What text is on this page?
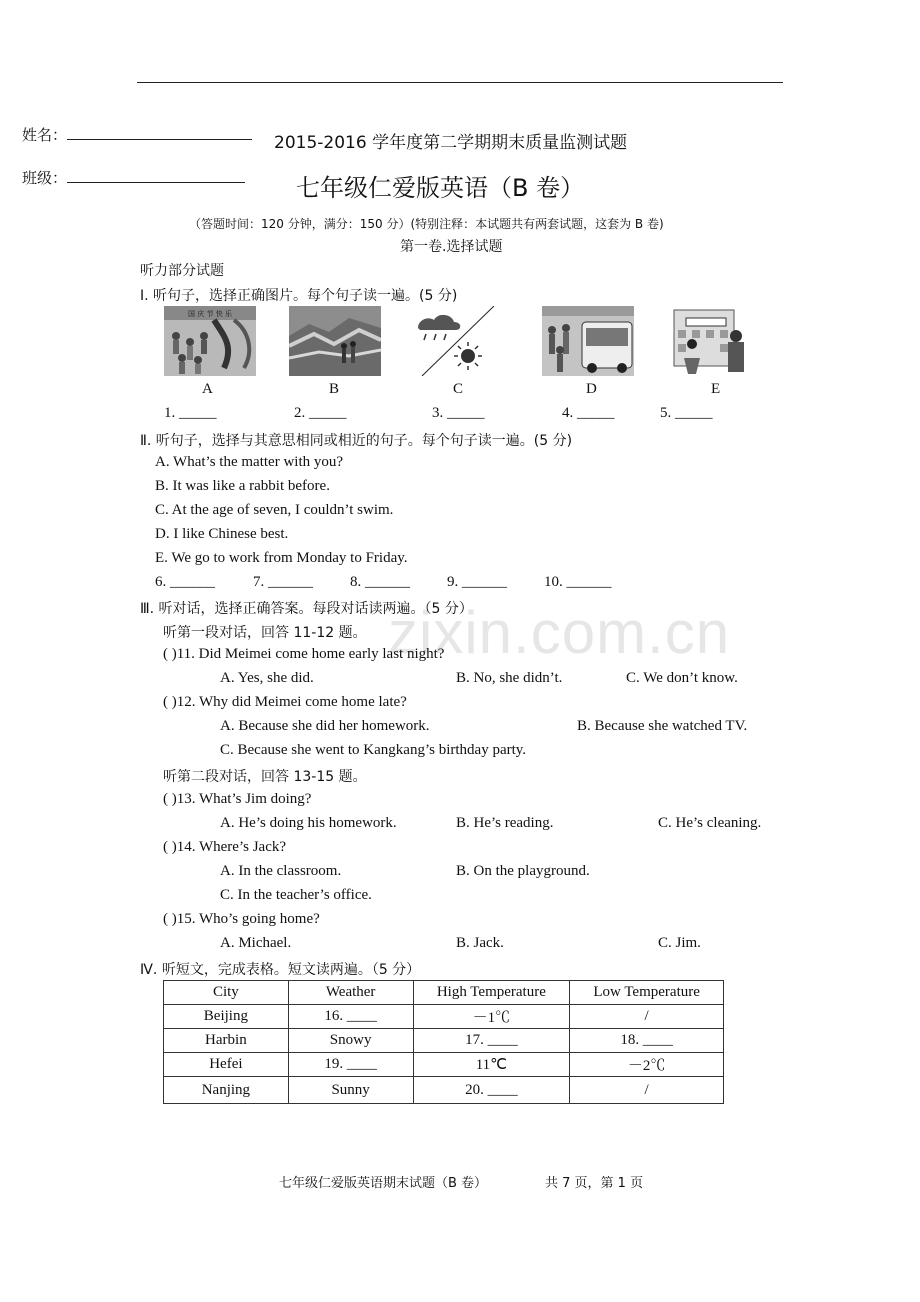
zixin.com.cn
姓名：	2015-2016 学年度第二学期期末质量监测试题
班级：	七年级仁爱版英语（B 卷）
（答题时间：120 分钟，满分：150 分）(特别注释：本试题共有两套试题，这套为 B 卷)
第一卷.选择试题
听力部分试题
Ⅰ. 听句子，选择正确图片。每个句子读一遍。(5 分)
国 庆 节 快 乐
A	B	C	D	E
1. _____	2. _____	3. _____	4. _____	5. _____
Ⅱ. 听句子，选择与其意思相同或相近的句子。每个句子读一遍。(5 分)
A. What’s the matter with you?
B. It was like a rabbit before.
C. At the age of seven, I couldn’t swim.
D. I like Chinese best.
E. We go to work from Monday to Friday.
6. ______	7. ______ 8. ______ 9. ______ 10. ______
Ⅲ. 听对话，选择正确答案。每段对话读两遍。（5 分）
听第一段对话，回答 11-12 题。
( )11. Did Meimei come home early last night?
A. Yes, she did.	B. No, she didn’t.	C. We don’t know.
( )12. Why did Meimei come home late?
A. Because she did her homework.	B. Because she watched TV.
C. Because she went to Kangkang’s birthday party.
听第二段对话，回答 13-15 题。
( )13. What’s Jim doing?
A. He’s doing his homework.	B. He’s reading.	C. He’s cleaning.
( )14. Where’s Jack?
A. In the classroom.	B. On the playground.
C. In the teacher’s office.
( )15. Who’s going home?
A. Michael.	B. Jack.	C. Jim.
Ⅳ. 听短文，完成表格。短文读两遍。（5 分）
City	Weather	High Temperature	Low Temperature
Beijing	16. ____	－1℃	/
Harbin	Snowy	17. ____	18. ____
Hefei	19. ____	11℃	－2℃
Nanjing	Sunny	20. ____	/
七年级仁爱版英语期末试题（B 卷）	共 7 页，第 1 页
